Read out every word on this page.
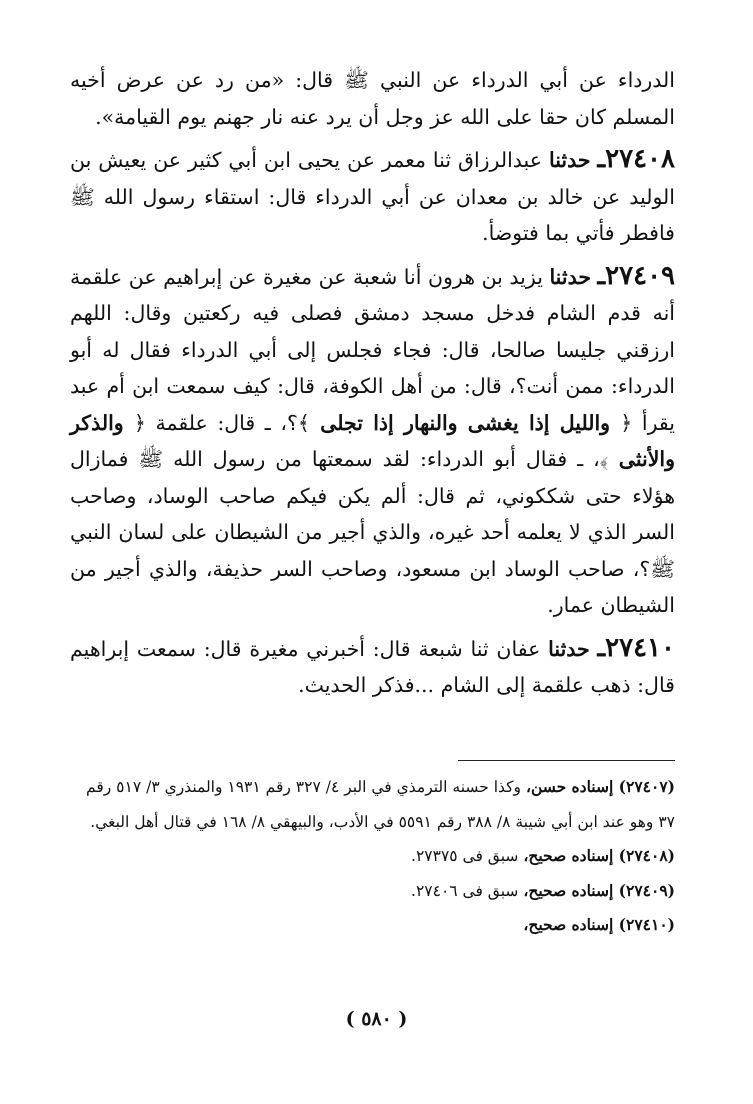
الدرداء عن أبي الدرداء عن النبي ﷺ قال: «من رد عن عرض أخيه المسلم كان حقا على الله عز وجل أن يرد عنه نار جهنم يوم القيامة».

٢٧٤٠٨ـ حدثنا عبدالرزاق ثنا معمر عن يحيى ابن أبي كثير عن يعيش بن الوليد عن خالد بن معدان عن أبي الدرداء قال: استقاء رسول الله ﷺ فافطر فأتي بما فتوضأ.

٢٧٤٠٩ـ حدثنا يزيد بن هرون أنا شعبة عن مغيرة عن إبراهيم عن علقمة أنه قدم الشام فدخل مسجد دمشق فصلى فيه ركعتين وقال: اللهم ارزقني جليسا صالحا، قال: فجاء فجلس إلى أبي الدرداء فقال له أبو الدرداء: ممن أنت؟، قال: من أهل الكوفة، قال: كيف سمعت ابن أم عبد يقرأ ﴿ والليل إذا يغشى والنهار إذا تجلى ﴾؟، ـ قال: علقمة ﴿ والذكر والأنثى ﴾، ـ فقال أبو الدرداء: لقد سمعتها من رسول الله ﷺ فمازال هؤلاء حتى شككوني، ثم قال: ألم يكن فيكم صاحب الوساد، وصاحب السر الذي لا يعلمه أحد غيره، والذي أجير من الشيطان على لسان النبي ﷺ؟، صاحب الوساد ابن مسعود، وصاحب السر حذيفة، والذي أجير من الشيطان عمار.

٢٧٤١٠ـ حدثنا عفان ثنا شبعة قال: أخبرني مغيرة قال: سمعت إبراهيم قال: ذهب علقمة إلى الشام ...فذكر الحديث.

(٢٧٤٠٧) إسناده حسن، وكذا حسنه الترمذي في البر ٤/ ٣٢٧ رقم ١٩٣١ والمنذري ٣/ ٥١٧ رقم ٣٧ وهو عند ابن أبي شيبة ٨/ ٣٨٨ رقم ٥٥٩١ في الأدب، والبيهقي ٨/ ١٦٨ في قتال أهل البغي.

(٢٧٤٠٨) إسناده صحيح، سبق فى ٢٧٣٧٥.

(٢٧٤٠٩) إسناده صحيح، سبق فى ٢٧٤٠٦.

(٢٧٤١٠) إسناده صحيح،

( ٥٨٠ )
